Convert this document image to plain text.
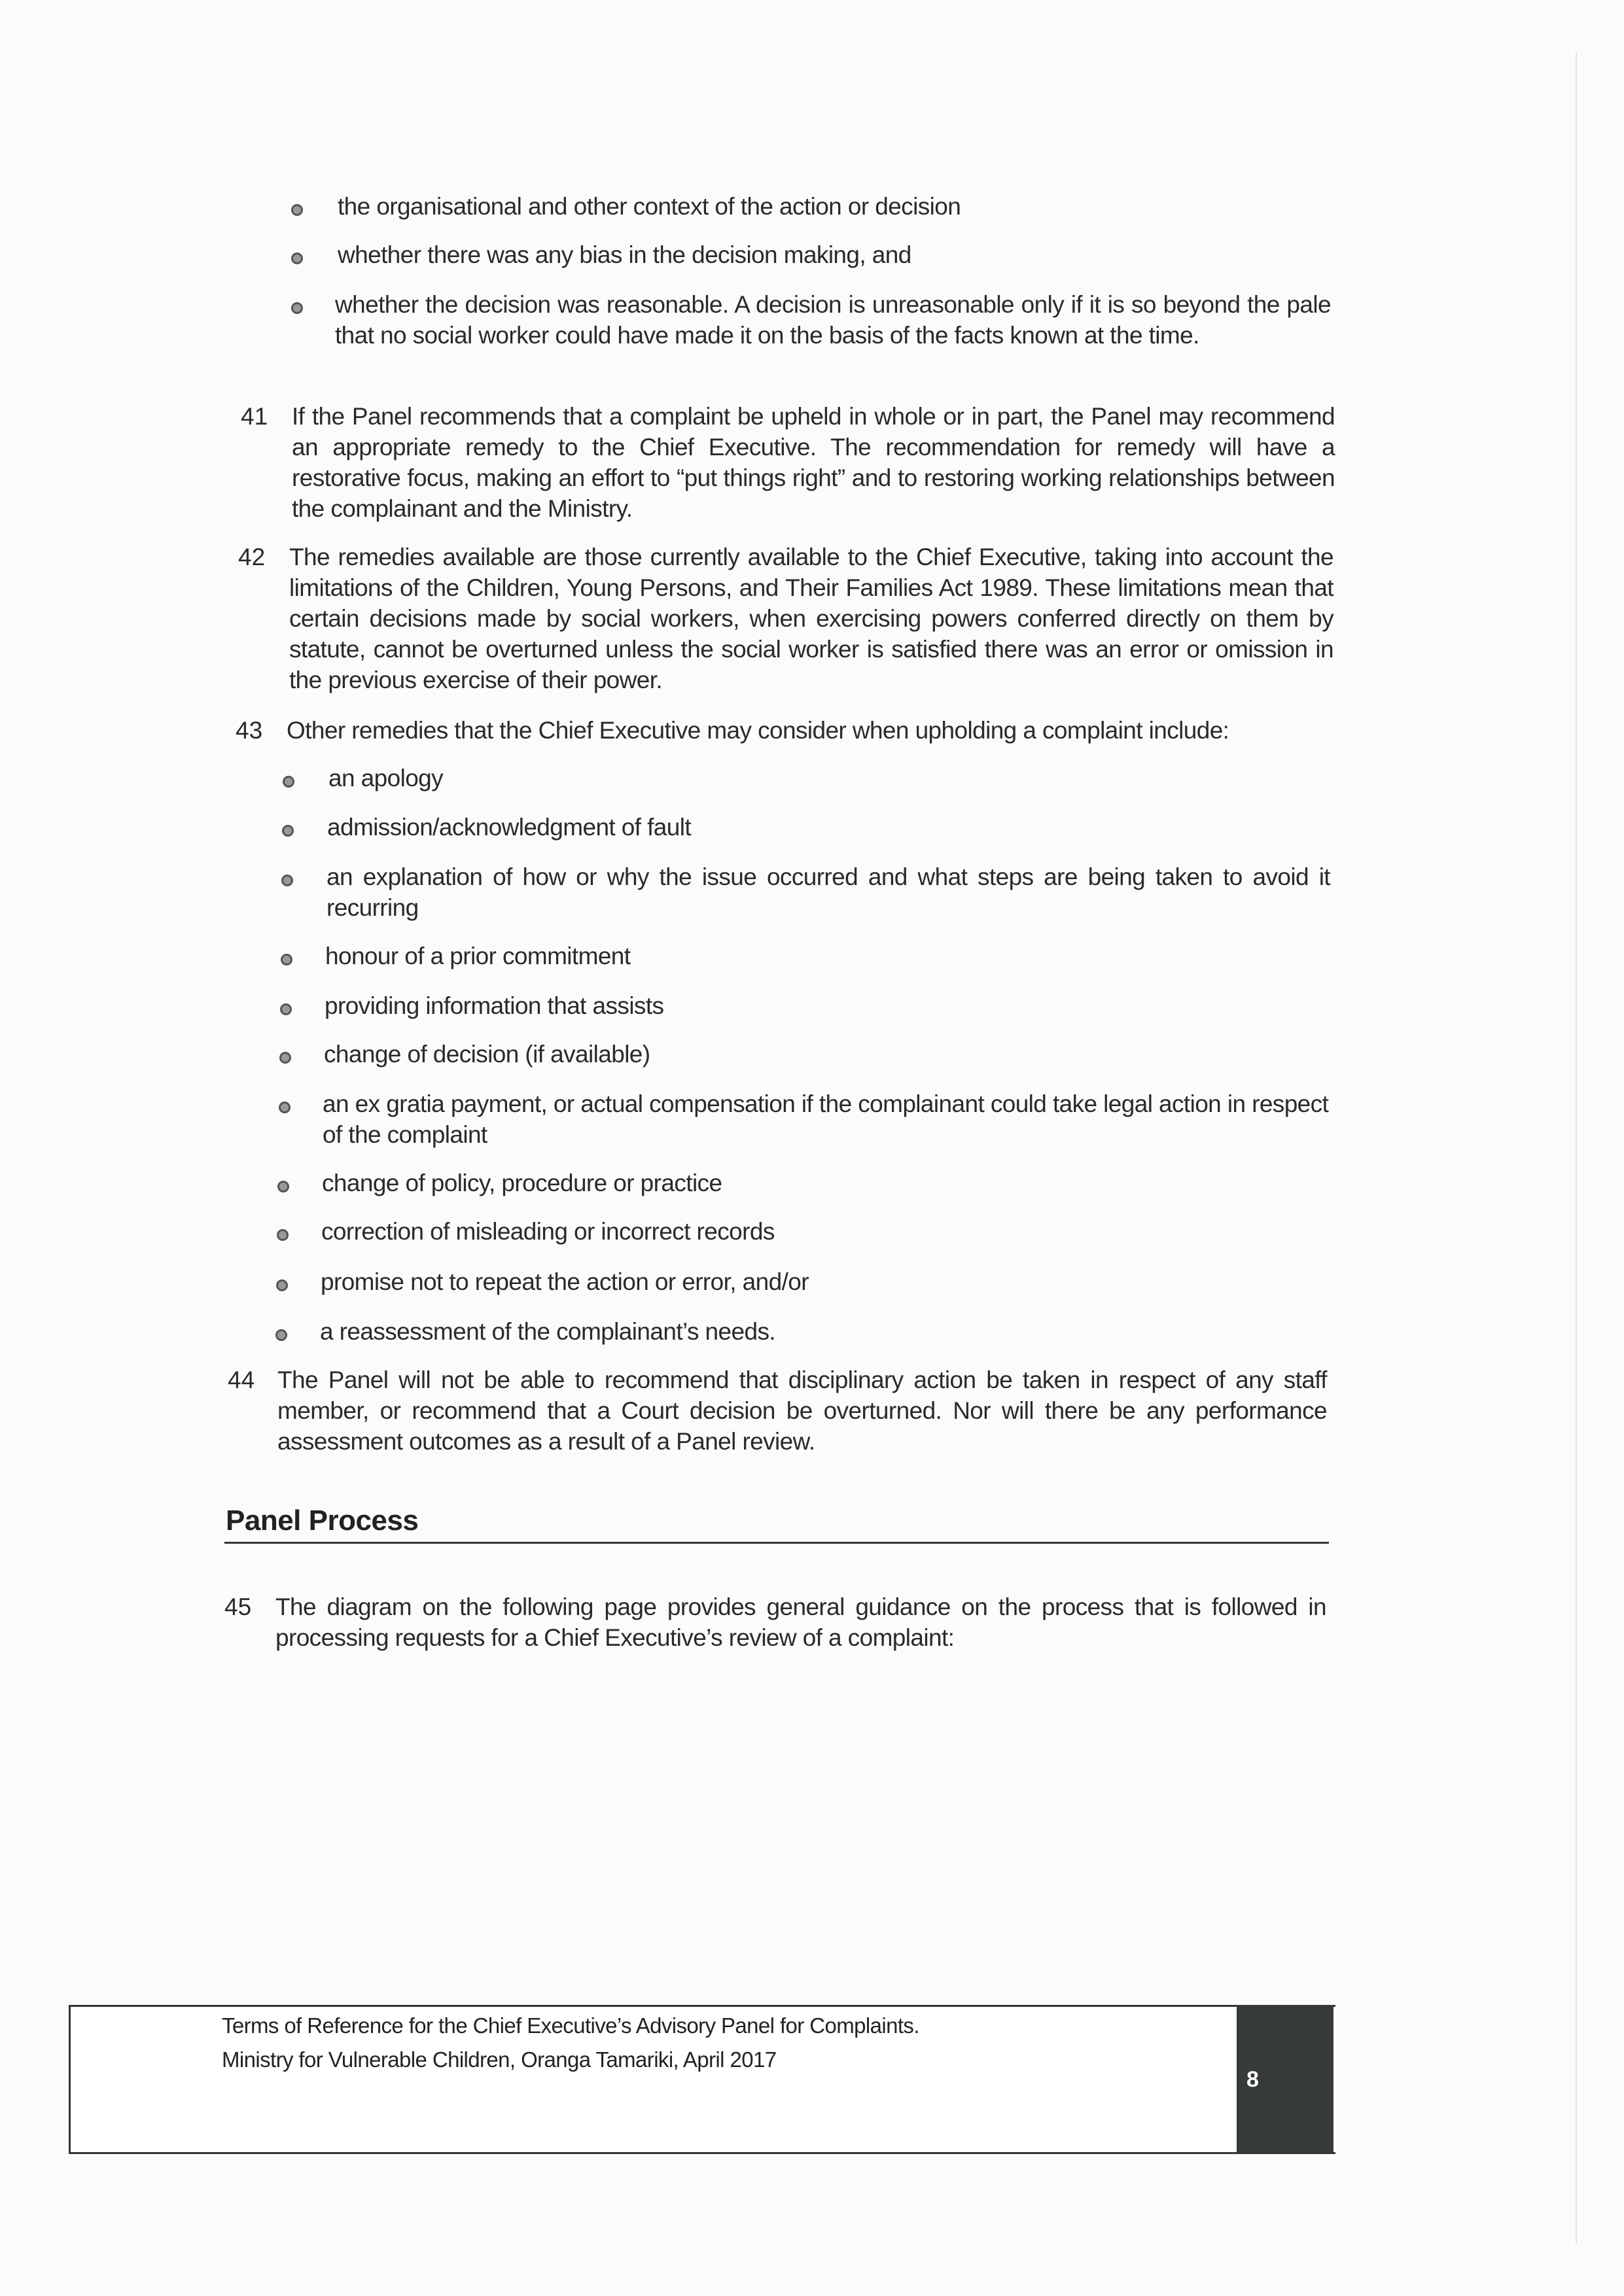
the organisational and other context of the action or decision
whether there was any bias in the decision making, and
whether the decision was reasonable. A decision is unreasonable only if it is so beyond the pale that no social worker could have made it on the basis of the facts known at the time.
41 If the Panel recommends that a complaint be upheld in whole or in part, the Panel may recommend an appropriate remedy to the Chief Executive. The recommendation for remedy will have a restorative focus, making an effort to “put things right” and to restoring working relationships between the complainant and the Ministry.
42 The remedies available are those currently available to the Chief Executive, taking into account the limitations of the Children, Young Persons, and Their Families Act 1989. These limitations mean that certain decisions made by social workers, when exercising powers conferred directly on them by statute, cannot be overturned unless the social worker is satisfied there was an error or omission in the previous exercise of their power.
43 Other remedies that the Chief Executive may consider when upholding a complaint include:
an apology
admission/acknowledgment of fault
an explanation of how or why the issue occurred and what steps are being taken to avoid it recurring
honour of a prior commitment
providing information that assists
change of decision (if available)
an ex gratia payment, or actual compensation if the complainant could take legal action in respect of the complaint
change of policy, procedure or practice
correction of misleading or incorrect records
promise not to repeat the action or error, and/or
a reassessment of the complainant’s needs.
44 The Panel will not be able to recommend that disciplinary action be taken in respect of any staff member, or recommend that a Court decision be overturned. Nor will there be any performance assessment outcomes as a result of a Panel review.
Panel Process
45 The diagram on the following page provides general guidance on the process that is followed in processing requests for a Chief Executive’s review of a complaint:
8
Terms of Reference for the Chief Executive’s Advisory Panel for Complaints.
Ministry for Vulnerable Children, Oranga Tamariki, April 2017
